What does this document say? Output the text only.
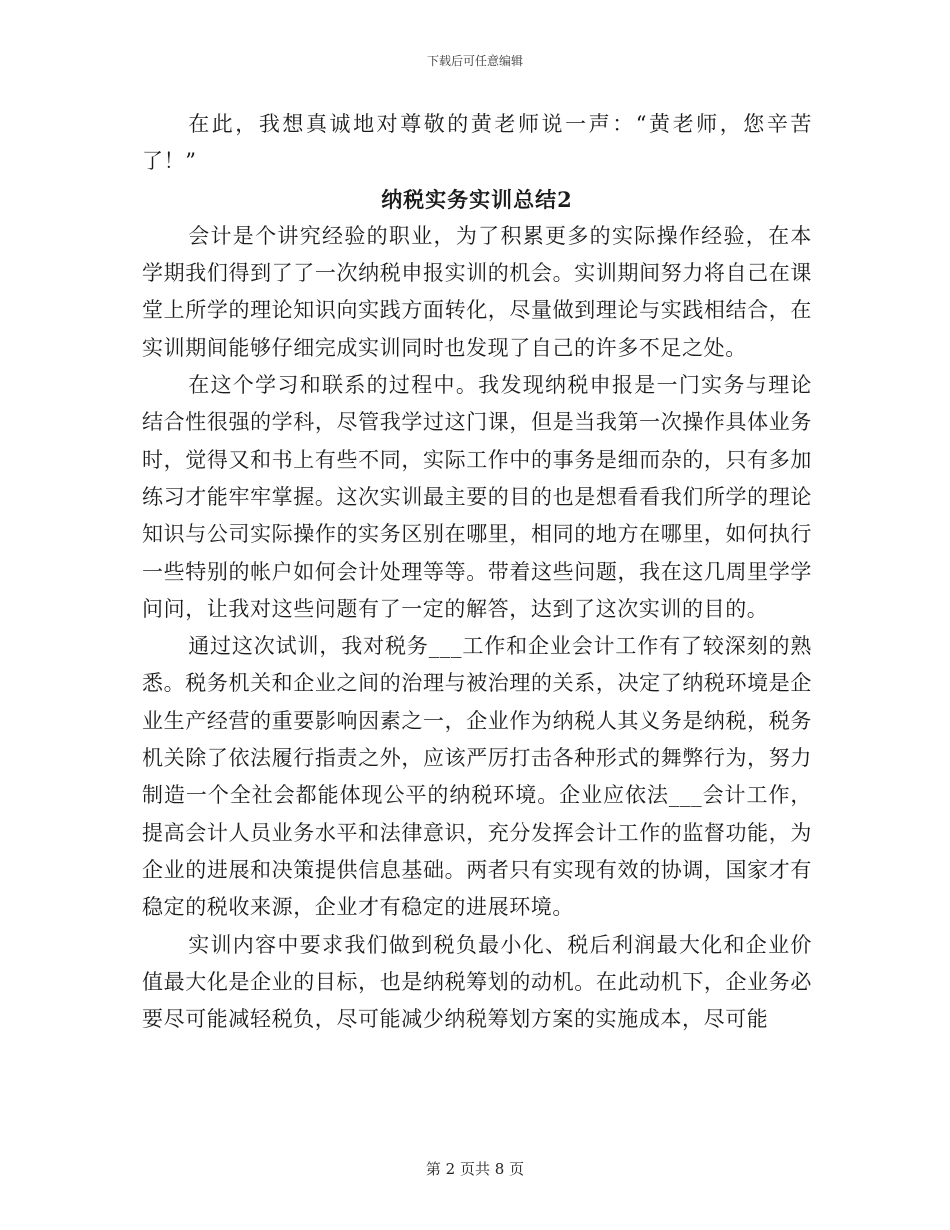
下载后可任意编辑

在此，我想真诚地对尊敬的黄老师说一声：“黄老师，您辛苦了！”

纳税实务实训总结2

会计是个讲究经验的职业，为了积累更多的实际操作经验，在本学期我们得到了了一次纳税申报实训的机会。实训期间努力将自己在课堂上所学的理论知识向实践方面转化，尽量做到理论与实践相结合，在实训期间能够仔细完成实训同时也发现了自己的许多不足之处。

在这个学习和联系的过程中。我发现纳税申报是一门实务与理论结合性很强的学科，尽管我学过这门课，但是当我第一次操作具体业务时，觉得又和书上有些不同，实际工作中的事务是细而杂的，只有多加练习才能牢牢掌握。这次实训最主要的目的也是想看看我们所学的理论知识与公司实际操作的实务区别在哪里，相同的地方在哪里，如何执行一些特别的帐户如何会计处理等等。带着这些问题，我在这几周里学学问问，让我对这些问题有了一定的解答，达到了这次实训的目的。

通过这次试训，我对税务___工作和企业会计工作有了较深刻的熟悉。税务机关和企业之间的治理与被治理的关系，决定了纳税环境是企业生产经营的重要影响因素之一，企业作为纳税人其义务是纳税，税务机关除了依法履行指责之外，应该严厉打击各种形式的舞弊行为，努力制造一个全社会都能体现公平的纳税环境。企业应依法___会计工作，提高会计人员业务水平和法律意识，充分发挥会计工作的监督功能，为企业的进展和决策提供信息基础。两者只有实现有效的协调，国家才有稳定的税收来源，企业才有稳定的进展环境。

实训内容中要求我们做到税负最小化、税后利润最大化和企业价值最大化是企业的目标，也是纳税筹划的动机。在此动机下，企业务必要尽可能减轻税负，尽可能减少纳税筹划方案的实施成本，尽可能

第 2 页共 8 页
